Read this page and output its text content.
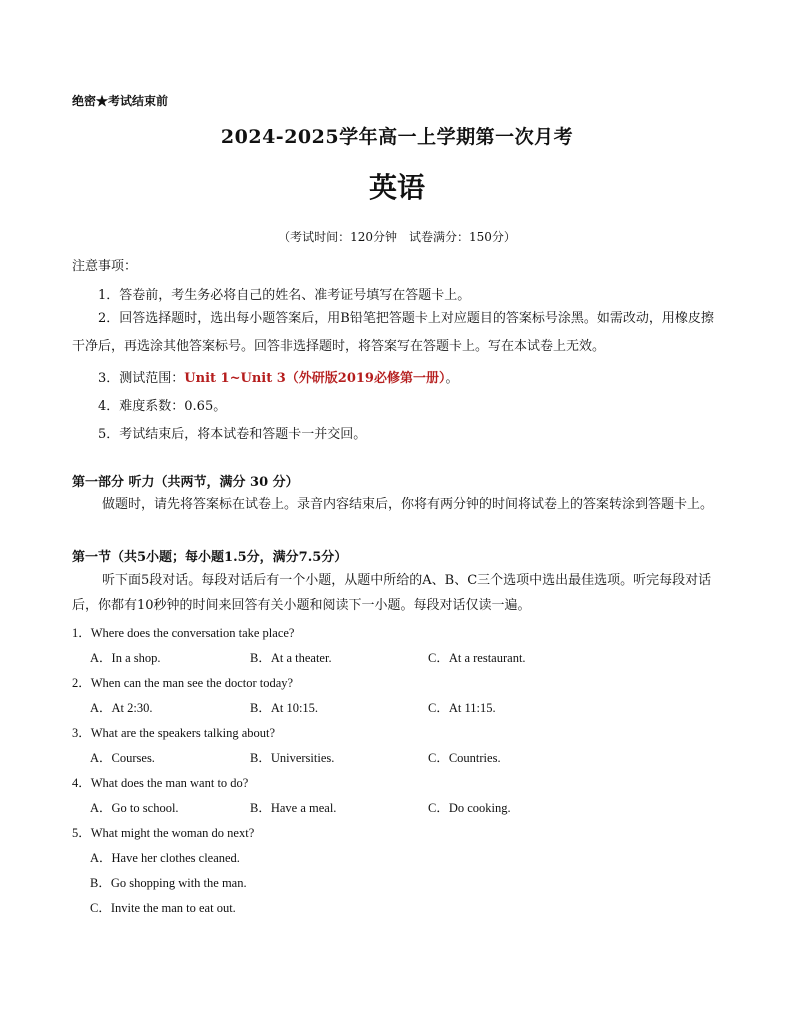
绝密★考试结束前
2024-2025学年高一上学期第一次月考
英语
（考试时间：120分钟　试卷满分：150分）
注意事项：
1．答卷前，考生务必将自己的姓名、准考证号填写在答题卡上。
2．回答选择题时，选出每小题答案后，用B铅笔把答题卡上对应题目的答案标号涂黑。如需改动，用橡皮擦干净后，再选涂其他答案标号。回答非选择题时，将答案写在答题卡上。写在本试卷上无效。
3．测试范围：Unit 1~Unit 3（外研版2019必修第一册）。
4．难度系数：0.65。
5．考试结束后，将本试卷和答题卡一并交回。
第一部分 听力（共两节，满分 30 分）
做题时，请先将答案标在试卷上。录音内容结束后，你将有两分钟的时间将试卷上的答案转涂到答题卡上。
第一节（共5小题；每小题1.5分，满分7.5分）
听下面5段对话。每段对话后有一个小题，从题中所给的A、B、C三个选项中选出最佳选项。听完每段对话后，你都有10秒钟的时间来回答有关小题和阅读下一小题。每段对话仅读一遍。
1．Where does the conversation take place?
A．In a shop.	B．At a theater.	C．At a restaurant.
2．When can the man see the doctor today?
A．At 2:30.	B．At 10:15.	C．At 11:15.
3．What are the speakers talking about?
A．Courses.	B．Universities.	C．Countries.
4．What does the man want to do?
A．Go to school.	B．Have a meal.	C．Do cooking.
5．What might the woman do next?
A．Have her clothes cleaned.
B．Go shopping with the man.
C．Invite the man to eat out.
